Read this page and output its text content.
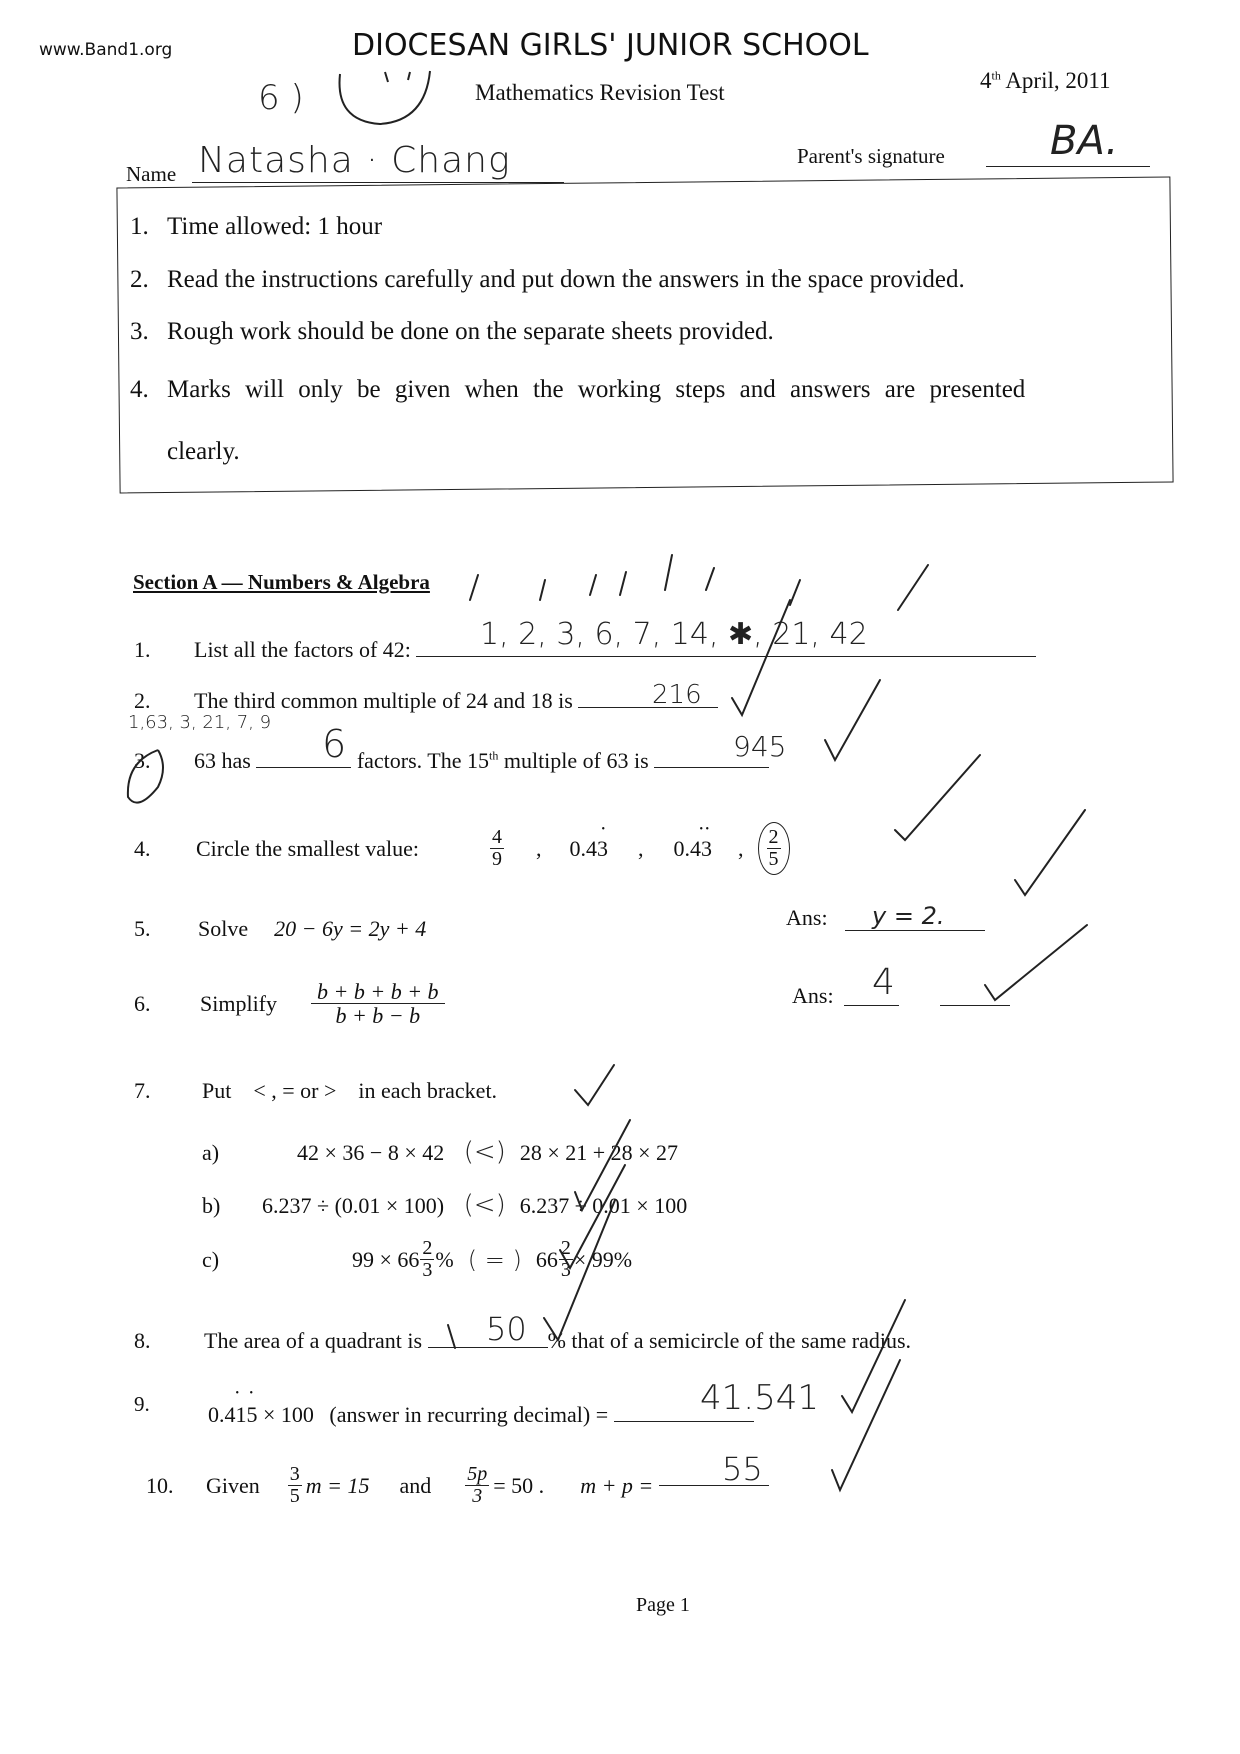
www.Band1.org	DIOCESAN GIRLS' JUNIOR SCHOOL
6 )	Mathematics Revision Test	4th April, 2011
Name Natasha · Chang	Parent's signature	BA.
1. Time allowed: 1 hour
2. Read the instructions carefully and put down the answers in the space provided.
3. Rough work should be done on the separate sheets provided.
4. Marks will only be given when the working steps and answers are presented
clearly.
Section A — Numbers & Algebra
1. List all the factors of 42:	1, 2, 3, 6, 7, 14, ✱, 21, 42
2. The third common multiple of 24 and 18 is	216
1,63, 3, 21, 7, 9
3. 63 has	factors. The 15th multiple of 63 is
6	945
4.	Circle the smallest value:	$\frac{4}{9}$ , 0.43
•
, 0.43
• •
, $\frac{2}{5}$
5. Solve 20 − 6y = 2y + 4	Ans: y = 2.
6.	Simplify $\frac{b + b + b + b}{b + b - b}$	Ans: 4
7. Put < , = or > in each bracket.
a)	42 × 36 − 8 × 42 (<) 28 × 21 + 28 × 27
b) 6.237 ÷ (0.01 × 100) (<) 6.237 ÷ 0.01 × 100
c)	$99 \times 66 \frac{2}{3}$ % ( = ) $66 \frac{2}{3} \times 99\%$
8. The area of a quadrant is	% that of a semicircle of the same radius.
50
9.	0.415
• •
× 100 (answer in recurring decimal) =	41.541
10.	Given $\frac{3}{5}$ m = 15 and $\frac{5p}{3} = 50$ . m + p = 55
Page 1
